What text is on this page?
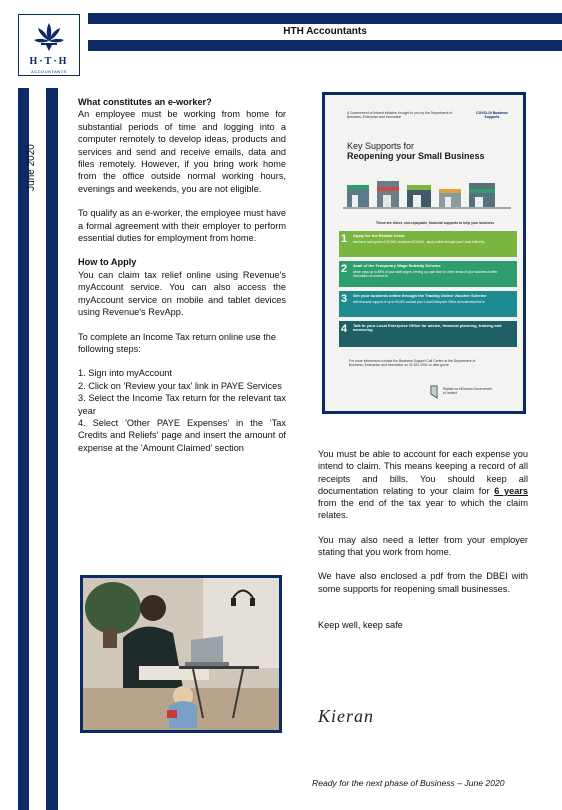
HTH Accountants
H·T·H
ACCOUNTANTS
June 2020

What constitutes an e-worker?

An employee must be working from home for substantial periods of time and logging into a computer remotely to develop ideas, products and services and send and receive emails, data and files remotely. However, if you bring work home from the office outside normal working hours, evenings and weekends, you are not eligible.

To qualify as an e-worker, the employee must have a formal agreement with their employer to perform essential duties for employment from home.

How to Apply

You can claim tax relief online using Revenue's myAccount service. You can also access the myAccount service on mobile and tablet devices using Revenue's RevApp.

To complete an Income Tax return online use the following steps:

1. Sign into myAccount

2. Click on 'Review your tax' link in PAYE Services

3. Select the Income Tax return for the relevant tax year

4. Select 'Other PAYE Expenses' in the 'Tax Credits and Reliefs' page and insert the amount of expense at the 'Amount Claimed' section

A Government of Ireland initiative brought to you by the Department of Business, Enterprise and Innovation
COVID-19 Business Supports
Key Supports for
Reopening your Small Business
These are direct, non-repayable, financial supports to help your business
1 Apply for the Restart Grant
minimum cash grant of €2,000, maximum €10,000 - apply online through your Local Authority
2 Avail of the Temporary Wage Subsidy Scheme
which pays up to 85% of your staff wages, freeing up cash flow for other areas of your business further information at revenue.ie
3 Get your business online through the Trading Online Voucher Scheme
with financial support of up to €5,000 contact your Local Enterprise Office at localenterprise.ie
4 Talk to your Local Enterprise Office for advice, financial planning, training and mentoring
For more information contact the Business Support Call Centre at the Department of Business, Enterprise and Innovation on 01 631 2002 or dbei.gov.ie
Rialtas na hÉireann Government of Ireland

You must be able to account for each expense you intend to claim. This means keeping a record of all receipts and bills. You should keep all documentation relating to your claim for 6 years from the end of the tax year to which the claim relates.

You may also need a letter from your employer stating that you work from home.

We have also enclosed a pdf from the DBEI with some supports for reopening small businesses.

Keep well, keep safe

Kieran
Ready for the next phase of Business – June 2020
